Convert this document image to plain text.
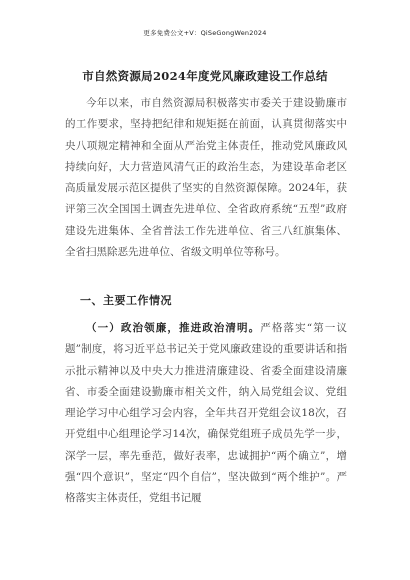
更多免费公文+V：QiSeGongWen2024
市自然资源局2024年度党风廉政建设工作总结
今年以来，市自然资源局积极落实市委关于建设勤廉市的工作要求，坚持把纪律和规矩挺在前面，认真贯彻落实中央八项规定精神和全面从严治党主体责任，推动党风廉政风持续向好，大力营造风清气正的政治生态，为建设革命老区高质量发展示范区提供了坚实的自然资源保障。2024年，获评第三次全国国土调查先进单位、全省政府系统“五型”政府建设先进集体、全省普法工作先进单位、省三八红旗集体、全省扫黑除恶先进单位、省级文明单位等称号。
一、主要工作情况
（一）政治领廉，推进政治清明。严格落实“第一议题”制度，将习近平总书记关于党风廉政建设的重要讲话和指示批示精神以及中央大力推进清廉建设、省委全面建设清廉省、市委全面建设勤廉市相关文件，纳入局党组会议、党组理论学习中心组学习会内容，全年共召开党组会议18次，召开党组中心组理论学习14次，确保党组班子成员先学一步，深学一层，率先垂范，做好表率，忠诚拥护“两个确立”，增强“四个意识”，坚定“四个自信”，坚决做到“两个维护”。严格落实主体责任，党组书记履
